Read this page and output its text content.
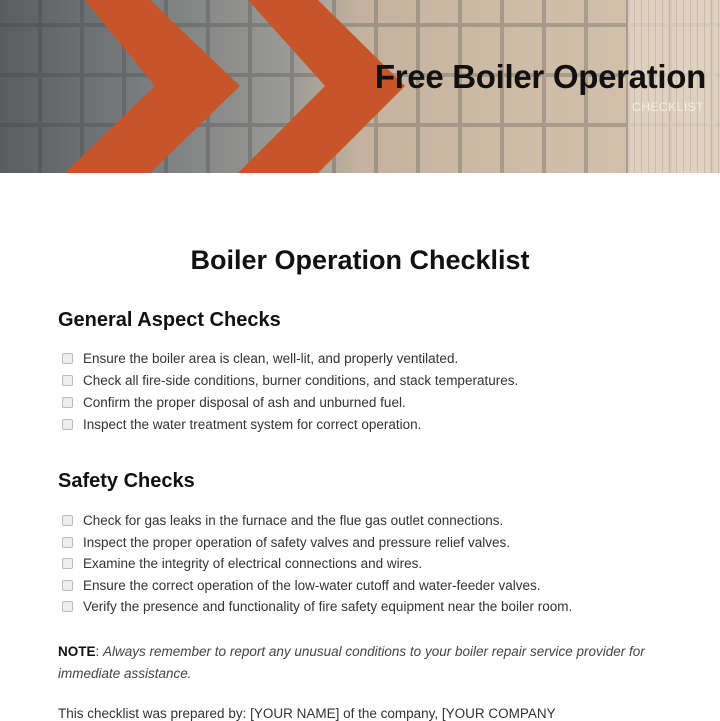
Free Boiler Operation
CHECKLIST
Boiler Operation Checklist
General Aspect Checks
Ensure the boiler area is clean, well-lit, and properly ventilated.
Check all fire-side conditions, burner conditions, and stack temperatures.
Confirm the proper disposal of ash and unburned fuel.
Inspect the water treatment system for correct operation.
Safety Checks
Check for gas leaks in the furnace and the flue gas outlet connections.
Inspect the proper operation of safety valves and pressure relief valves.
Examine the integrity of electrical connections and wires.
Ensure the correct operation of the low-water cutoff and water-feeder valves.
Verify the presence and functionality of fire safety equipment near the boiler room.
NOTE: Always remember to report any unusual conditions to your boiler repair service provider for immediate assistance.
This checklist was prepared by: [YOUR NAME] of the company, [YOUR COMPANY
